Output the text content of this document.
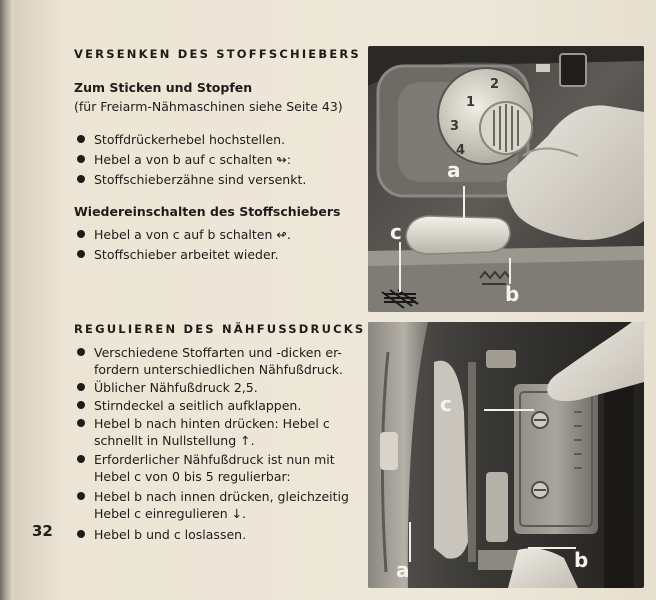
VERSENKEN DES STOFFSCHIEBERS
Zum Sticken und Stopfen
(für Freiarm-Nähmaschinen siehe Seite 43)
Stoffdrückerhebel hochstellen.
Hebel a von b auf c schalten ↬:
Stoffschieberzähne sind versenkt.
Wiedereinschalten des Stoffschiebers
Hebel a von c auf b schalten ↫.
Stoffschieber arbeitet wieder.
REGULIEREN DES NÄHFUSSDRUCKS
Verschiedene Stoffarten und -dicken er-
fordern unterschiedlichen Nähfußdruck.
Üblicher Nähfußdruck 2,5.
Stirndeckel a seitlich aufklappen.
Hebel b nach hinten drücken: Hebel c
schnellt in Nullstellung ↑.
Erforderlicher Nähfußdruck ist nun mit
Hebel c von 0 bis 5 regulierbar:
Hebel b nach innen drücken, gleichzeitig
Hebel c einregulieren ↓.
Hebel b und c loslassen.
32
1
2
3
4
a
c
b
c
a	b
